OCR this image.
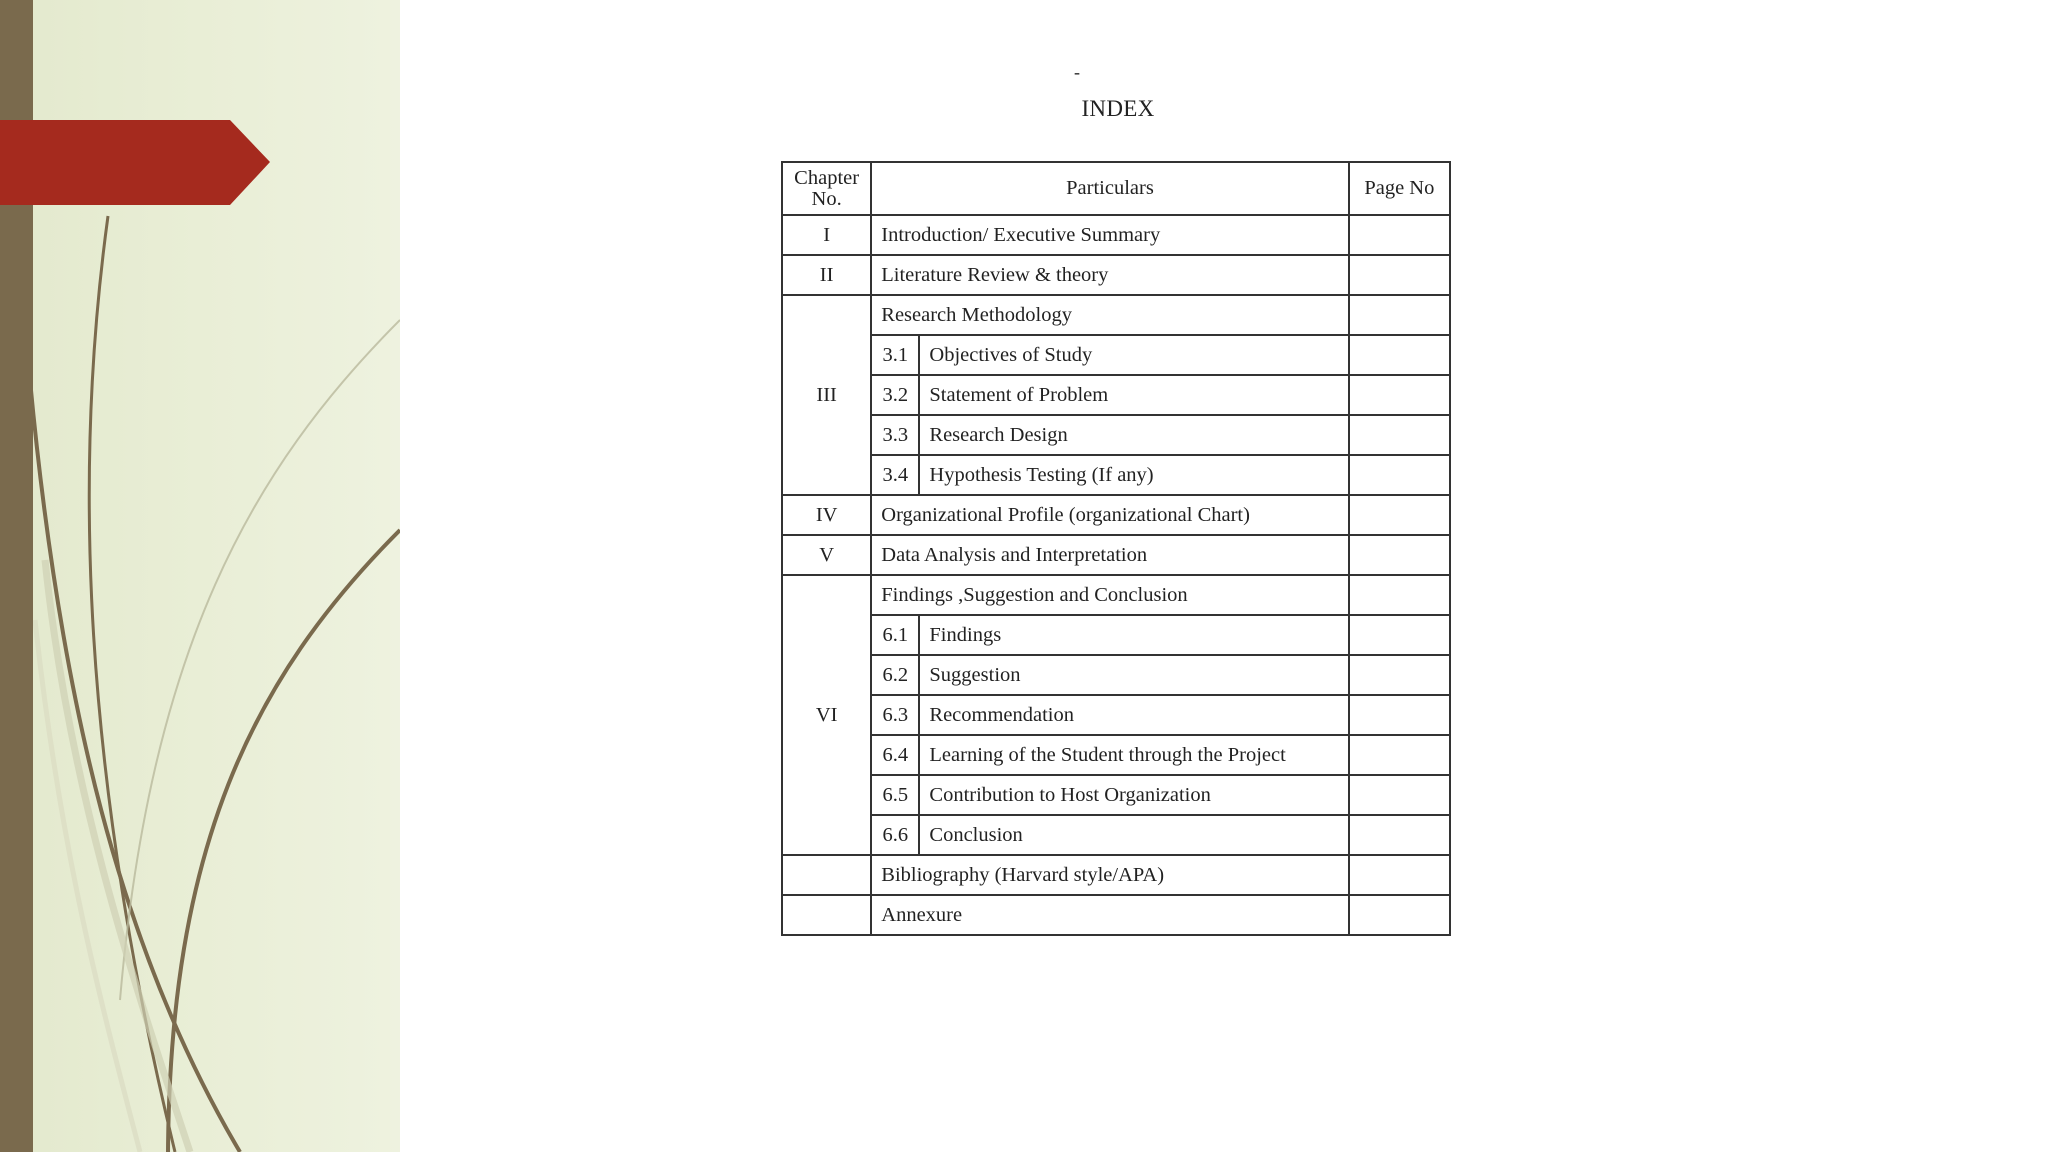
-
INDEX
Chapter
No.	Particulars		Page No
I	Introduction/ Executive Summary		
II	Literature Review & theory		
III	Research Methodology		
	3.1	Objectives of Study	
	3.2	Statement of Problem	
	3.3	Research Design	
	3.4	Hypothesis Testing (If any)	
IV	Organizational Profile (organizational Chart)		
V	Data Analysis and Interpretation		
VI	Findings ,Suggestion and Conclusion		
	6.1	Findings	
	6.2	Suggestion	
	6.3	Recommendation	
	6.4	Learning of the Student through the Project	
	6.5	Contribution to Host Organization	
	6.6	Conclusion	
	Bibliography (Harvard style/APA)		
	Annexure		
